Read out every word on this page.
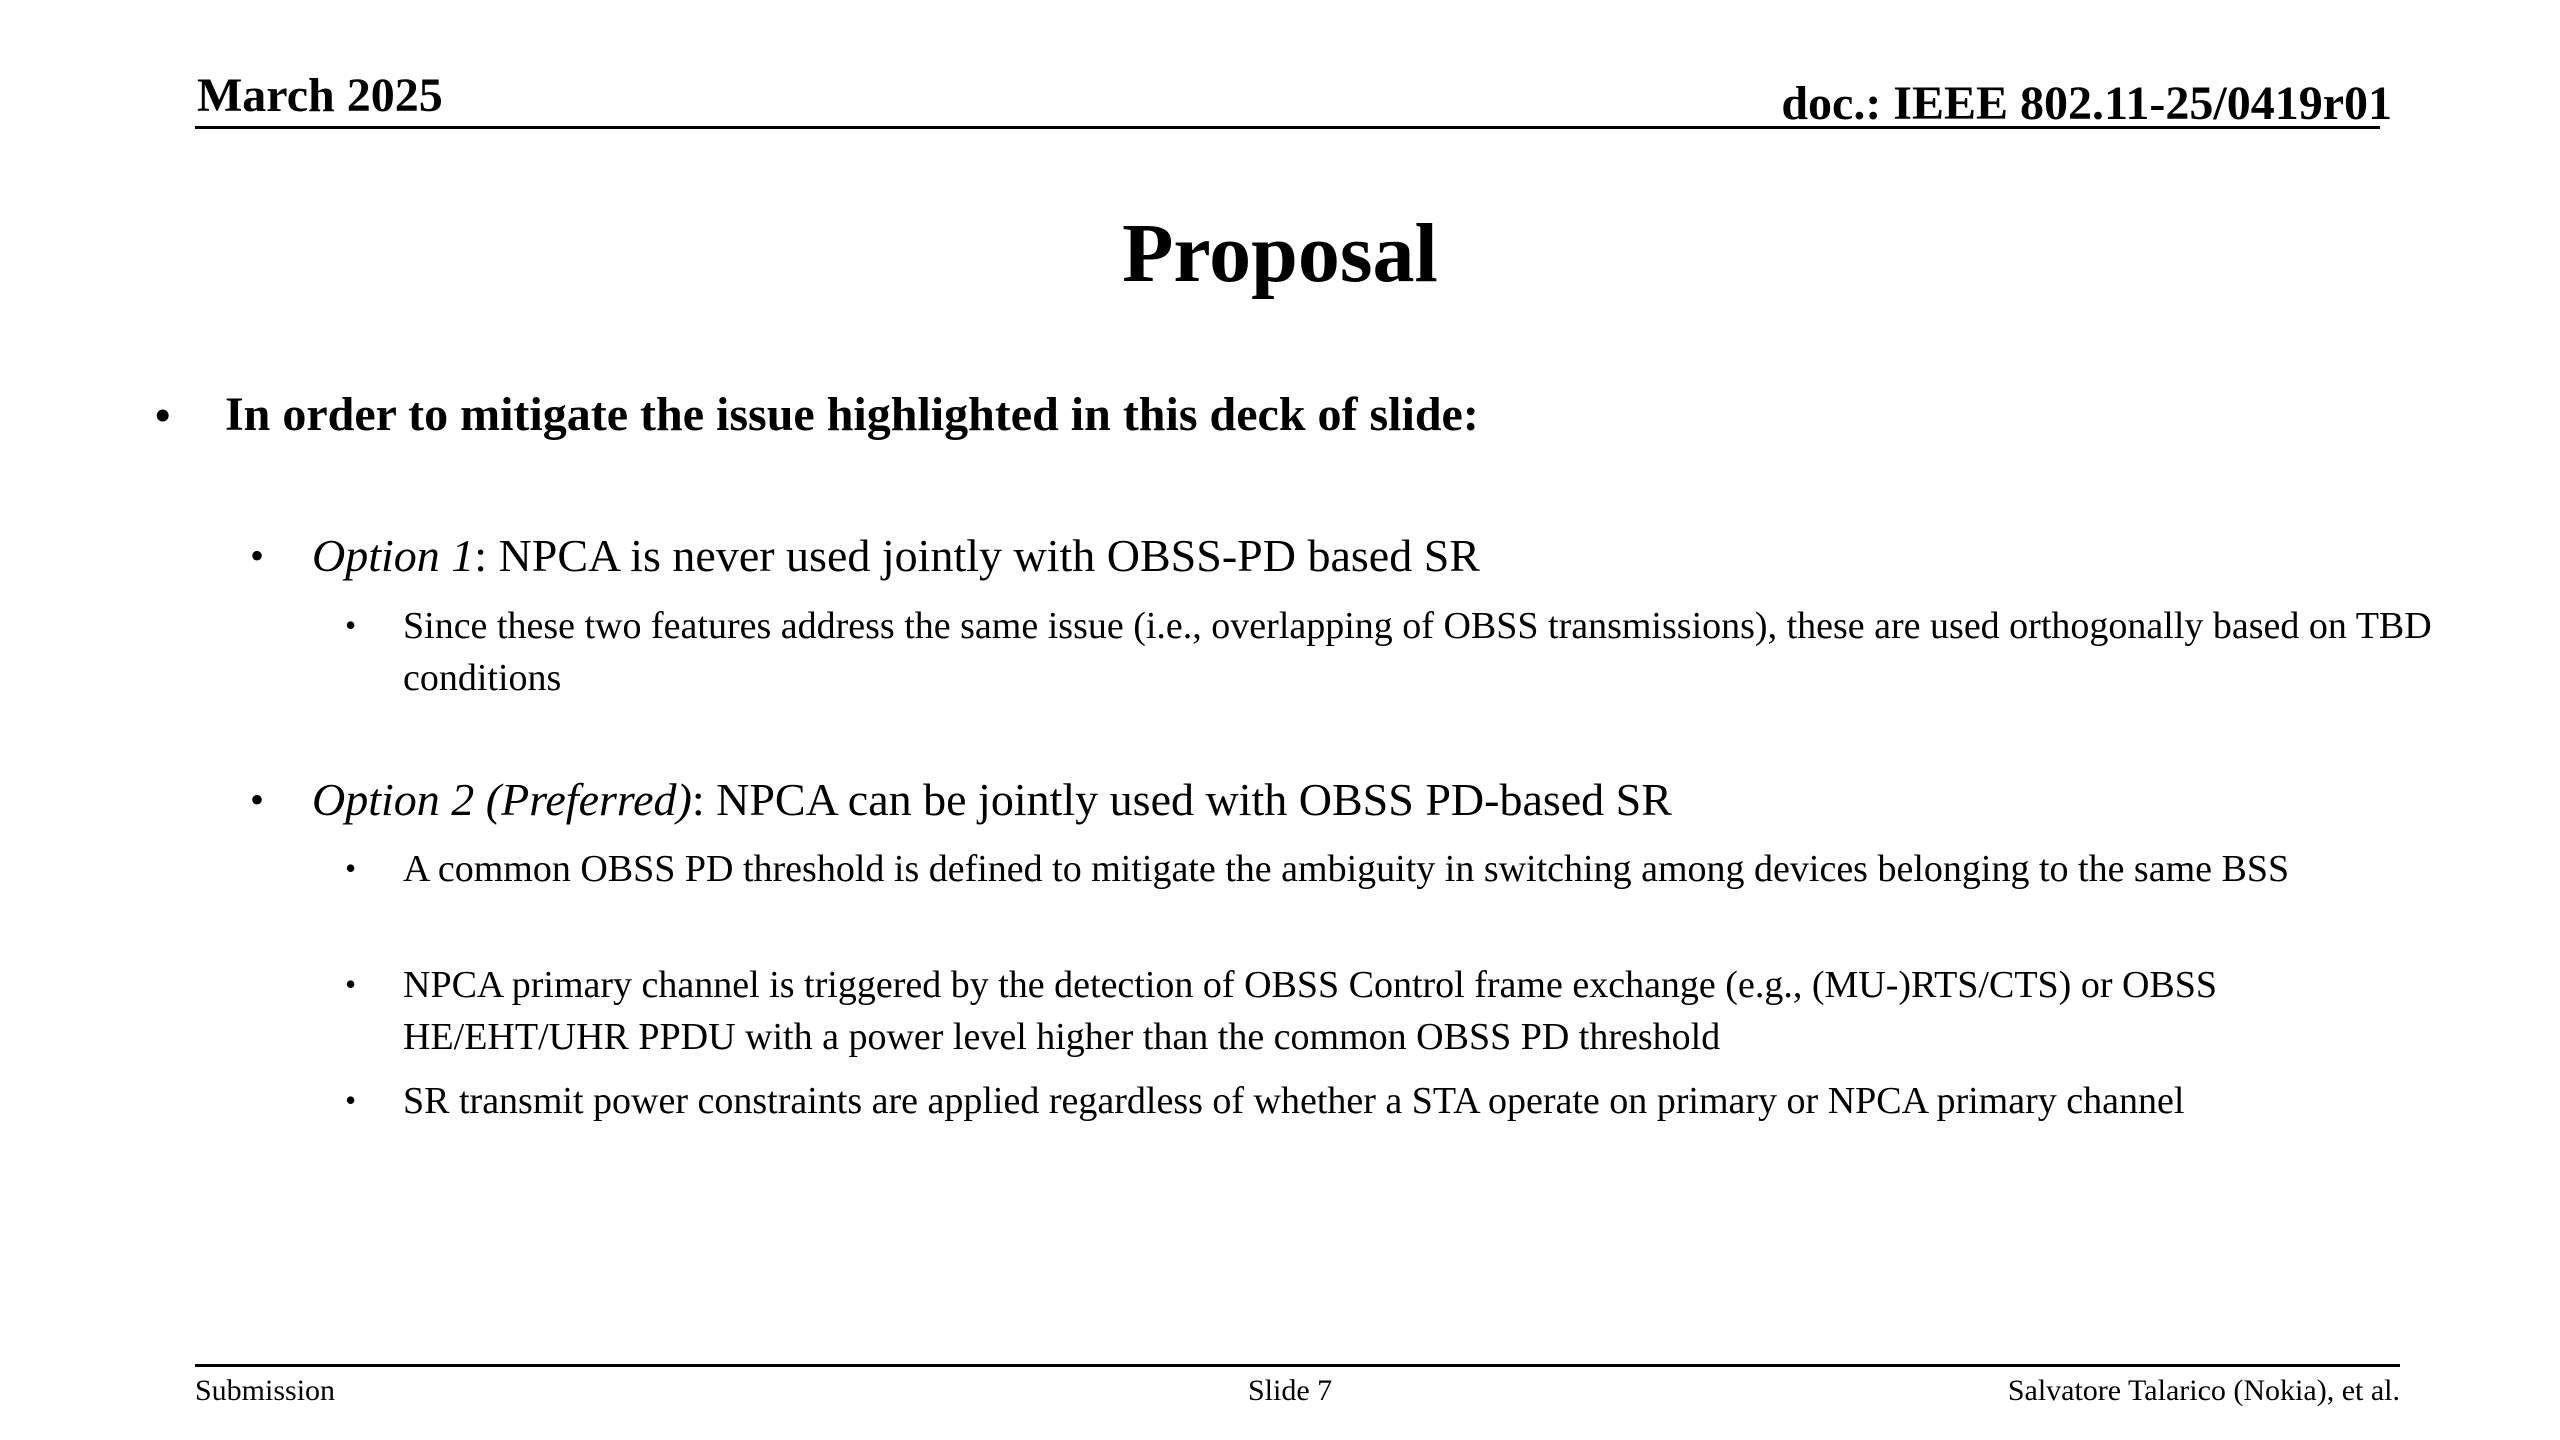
March 2025	doc.: IEEE 802.11-25/0419r01
Proposal
• In order to mitigate the issue highlighted in this deck of slide:
• Option 1: NPCA is never used jointly with OBSS-PD based SR
• Since these two features address the same issue (i.e., overlapping of OBSS transmissions), these are used orthogonally based on TBD conditions
• Option 2 (Preferred): NPCA can be jointly used with OBSS PD-based SR
• A common OBSS PD threshold is defined to mitigate the ambiguity in switching among devices belonging to the same BSS
• NPCA primary channel is triggered by the detection of OBSS Control frame exchange (e.g., (MU-)RTS/CTS) or OBSS HE/EHT/UHR PPDU with a power level higher than the common OBSS PD threshold
• SR transmit power constraints are applied regardless of whether a STA operate on primary or NPCA primary channel
Submission	Slide 7	Salvatore Talarico (Nokia), et al.
